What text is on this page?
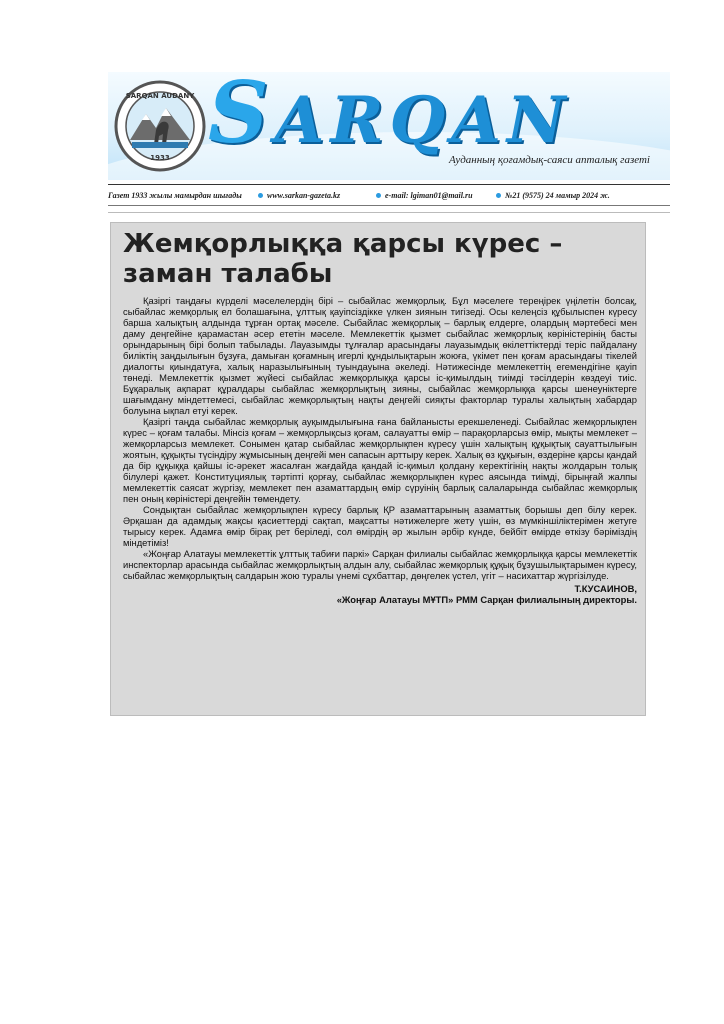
SARQAN AUDANY
1933 SARQAN
Ауданның қоғамдық-саяси апталық газеті
Газет 1933 жылы мамырдан шығады	www.sarkan-gazeta.kz	e-mail: lgiman01@mail.ru	№21 (9575) 24 мамыр 2024 ж.
Жемқорлыққа қарсы күрес –
заман талабы

Қазіргі таңдағы күрделі мәселелердің бірі – сыбайлас жемқорлық. Бұл мәселеге тереңірек үңілетін болсақ, сыбайлас жемқорлық ел болашағына, ұлттық қауіпсіздікке үлкен зиянын тигізеді. Осы келеңсіз құбылыспен күресу барша халықтың алдында тұрған ортақ мәселе. Сыбайлас жемқорлық – барлық елдерге, олардың мәртебесі мен даму деңгейіне қарамастан әсер ететін мәселе. Мемлекеттік қызмет сыбайлас жемқорлық көріністерінің басты орындарының бірі болып табылады. Лауазымды тұлғалар арасындағы лауазымдық өкілеттіктерді теріс пайдалану биліктің заңдылығын бұзуға, дамыған қоғамның игерлі құндылықтарын жоюға, үкімет пен қоғам арасындағы тікелей диалогты қиындатуға, халық наразылығының туындауына әкеледі. Нәтижесінде мемлекеттің егемендігіне қауіп төнеді. Мемлекеттік қызмет жүйесі сыбайлас жемқорлыққа қарсы іс-қимылдың тиімді тәсілдерін көздеуі тиіс. Бұқаралық ақпарат құралдары сыбайлас жемқорлықтың зияны, сыбайлас жемқорлыққа қарсы шенеуніктерге шағымдану міндеттемесі, сыбайлас жемқорлықтың нақты деңгейі сияқты факторлар туралы халықтың хабардар болуына ықпал етуі керек.

Қазіргі таңда сыбайлас жемқорлық ауқымдылығына ғана байланысты ерекшеленеді. Сыбайлас жемқорлықпен күрес – қоғам талабы. Мінсіз қоғам – жемқорлықсыз қоғам, салауатты өмір – парақорларсыз өмір, мықты мемлекет – жемқорларсыз мемлекет. Сонымен қатар сыбайлас жемқорлықпен күресу үшін халықтың құқықтық сауаттылығын жоятын, құқықты түсіндіру жұмысының деңгейі мен сапасын арттыру керек. Халық өз құқығын, өздеріне қарсы қандай да бір құқыққа қайшы іс-әрекет жасалған жағдайда қандай іс-қимыл қолдану керектігінің нақты жолдарын толық білулері қажет. Конституциялық тәртіпті қорғау, сыбайлас жемқорлықпен күрес аясында тиімді, бірыңғай жалпы мемлекеттік саясат жүргізу, мемлекет пен азаматтардың өмір сүруінің барлық салаларында сыбайлас жемқорлық пен оның көріністері деңгейін төмендету.

Сондықтан сыбайлас жемқорлықпен күресу барлық ҚР азаматтарының азаматтық борышы деп білу керек. Әрқашан да адамдық жақсы қасиеттерді сақтап, мақсатты нәтижелерге жету үшін, өз мүмкіншіліктерімен жетуге тырысу керек. Адамға өмір бірақ рет беріледі, сол өмірдің әр жылын әрбір күнде, бейбіт өмірде өткізу бәріміздің міндетіміз!

«Жоңғар Алатауы мемлекеттік ұлттық табиғи паркі» Сарқан филиалы сыбайлас жемқорлыққа қарсы мемлекеттік инспекторлар арасында сыбайлас жемқорлықтың алдын алу, сыбайлас жемқорлық құқық бұзушылықтарымен күресу, сыбайлас жемқорлықтың салдарын жою туралы үнемі сұхбаттар, дөңгелек үстел, үгіт – насихаттар жүргізілуде.

Т.КУСАИНОВ,
«Жоңғар Алатауы МҰТП» РММ Сарқан филиалының директоры.
